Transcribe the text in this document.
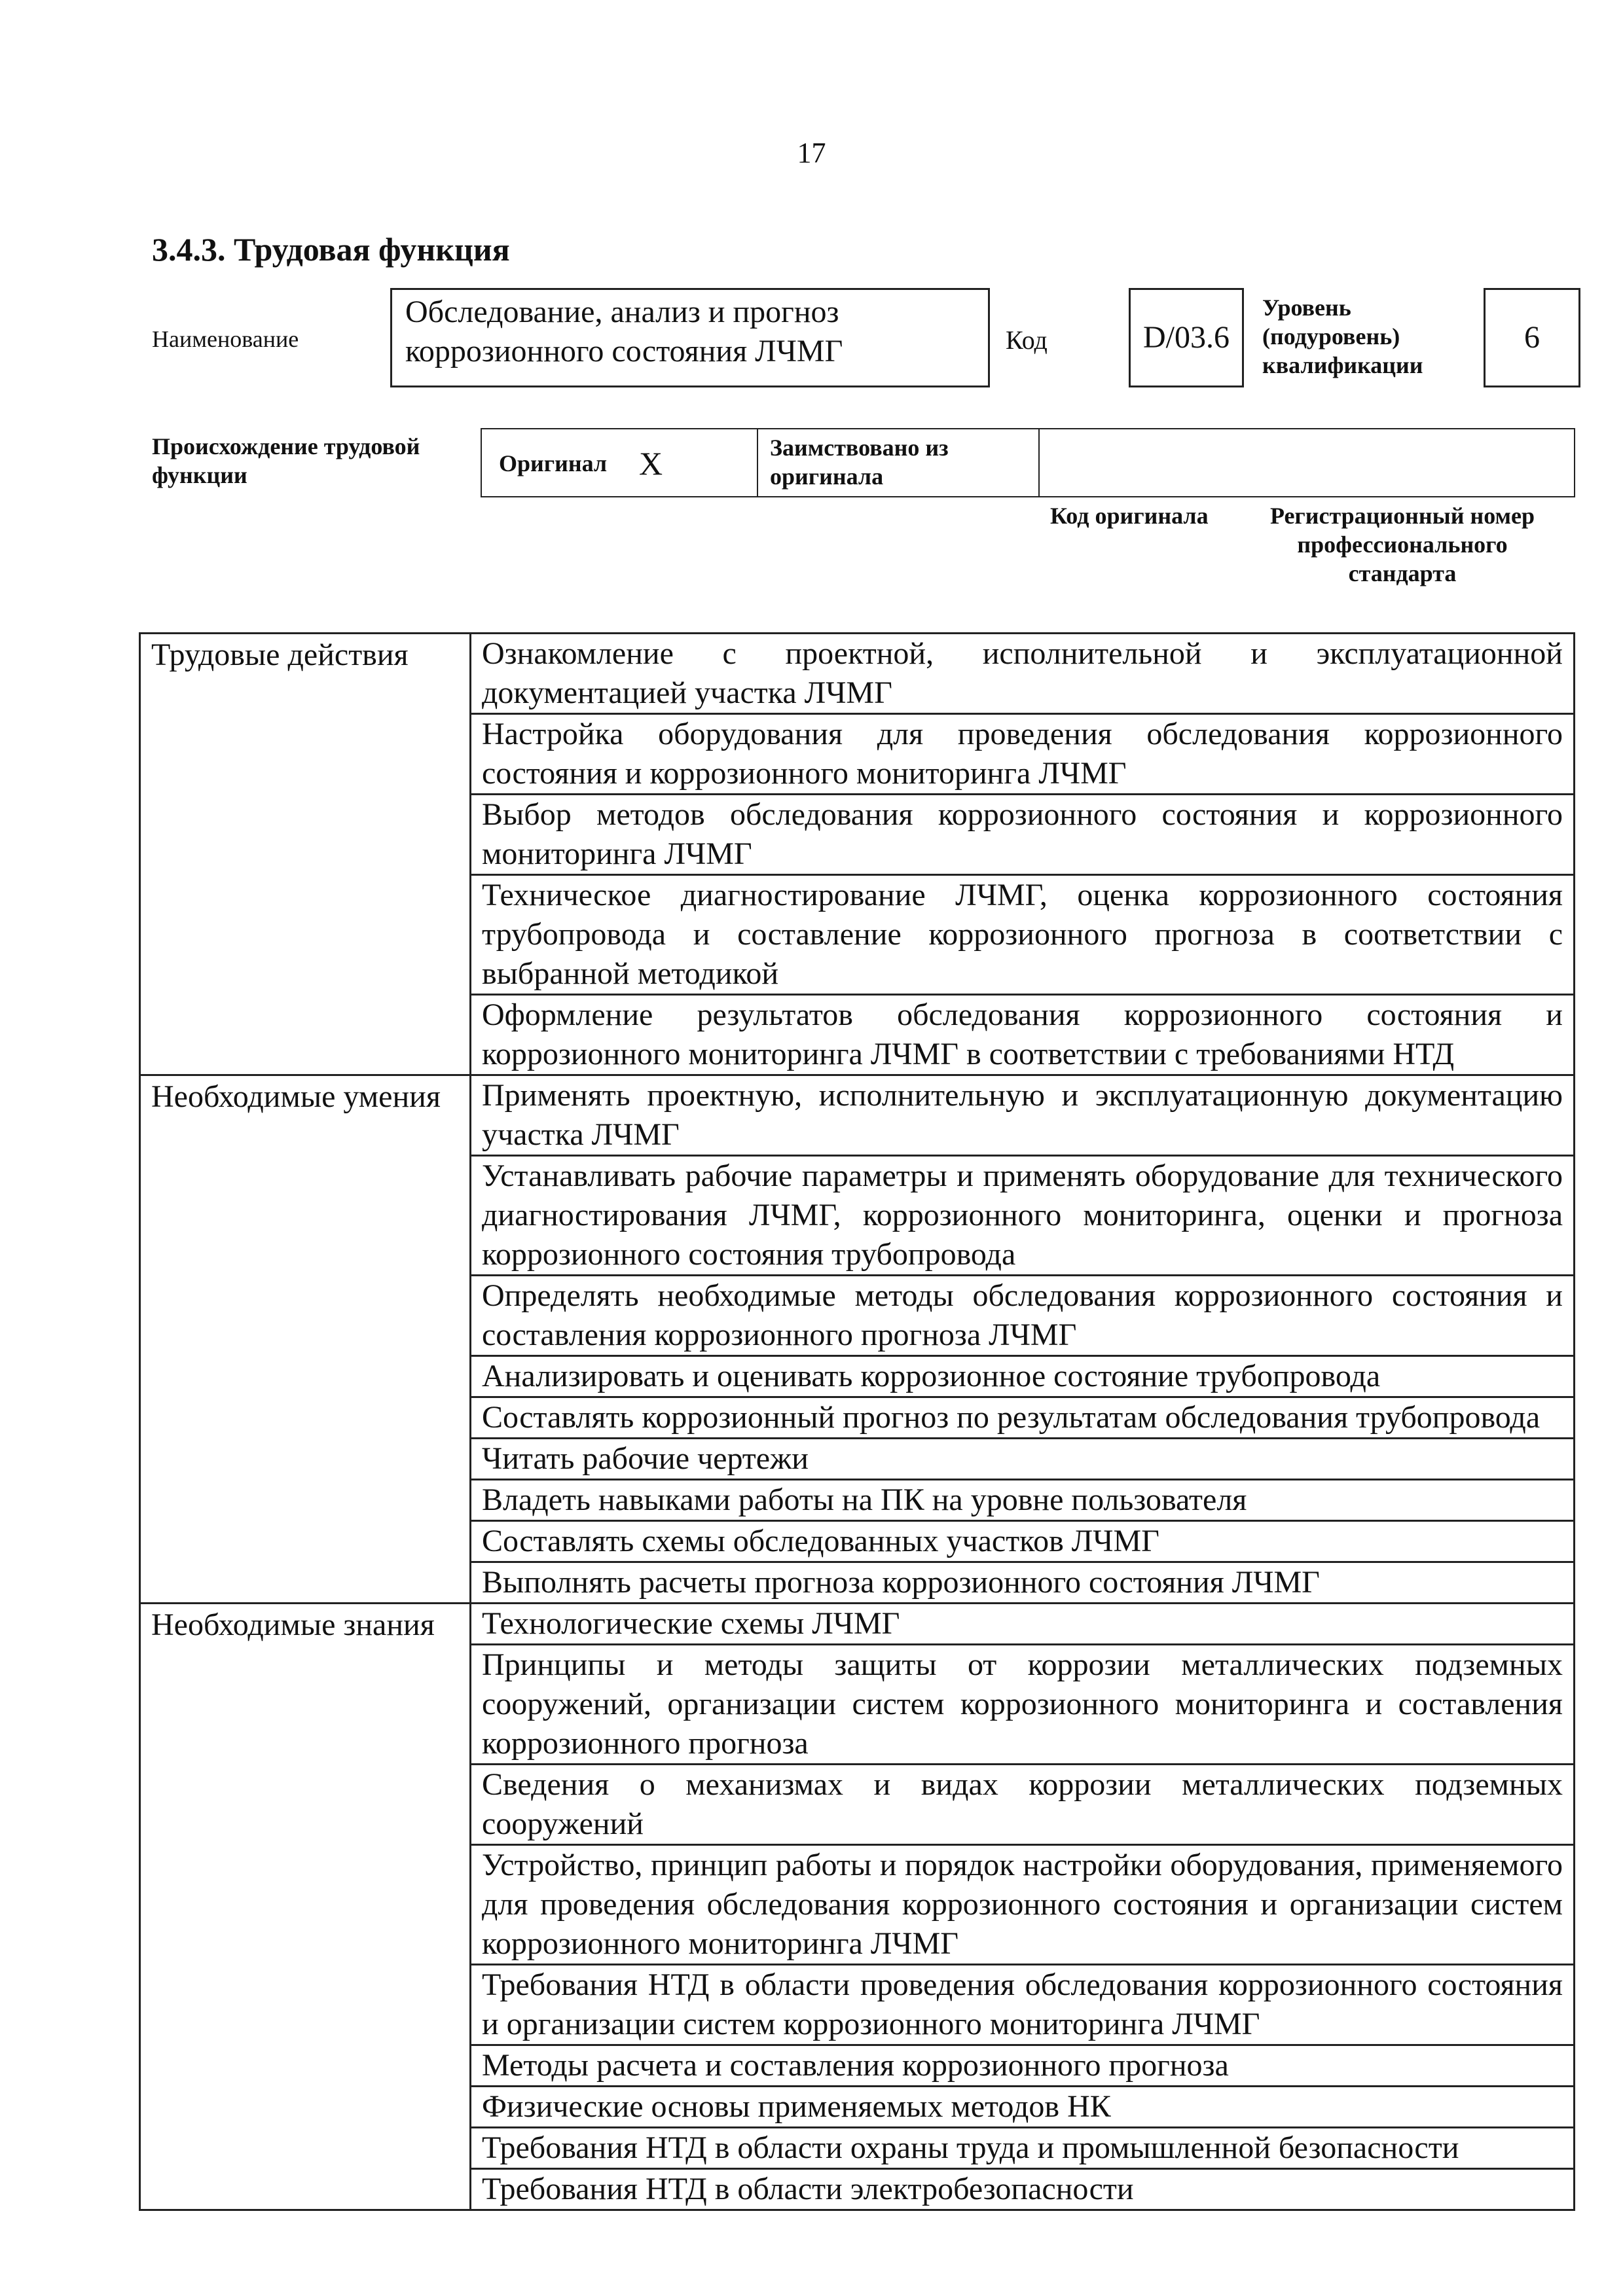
17
3.4.3. Трудовая функция
Наименование
Обследование, анализ и прогноз коррозионного состояния ЛЧМГ	Код	D/03.6
Уровень (подуровень) квалификации
6
Происхождение трудовой функции	Оригинал X	Заимствовано из оригинала
Код оригинала	Регистрационный номер профессионального стандарта
Трудовые действия	Ознакомление с проектной, исполнительной и эксплуатационной документацией участка ЛЧМГ
	Настройка оборудования для проведения обследования коррозионного состояния и коррозионного мониторинга ЛЧМГ
	Выбор методов обследования коррозионного состояния и коррозионного мониторинга ЛЧМГ
	Техническое диагностирование ЛЧМГ, оценка коррозионного состояния трубопровода и составление коррозионного прогноза в соответствии с выбранной методикой
	Оформление результатов обследования коррозионного состояния и коррозионного мониторинга ЛЧМГ в соответствии с требованиями НТД
Необходимые умения	Применять проектную, исполнительную и эксплуатационную документацию участка ЛЧМГ
	Устанавливать рабочие параметры и применять оборудование для технического диагностирования ЛЧМГ, коррозионного мониторинга, оценки и прогноза коррозионного состояния трубопровода
	Определять необходимые методы обследования коррозионного состояния и составления коррозионного прогноза ЛЧМГ
	Анализировать и оценивать коррозионное состояние трубопровода
	Составлять коррозионный прогноз по результатам обследования трубопровода
	Читать рабочие чертежи
	Владеть навыками работы на ПК на уровне пользователя
	Составлять схемы обследованных участков ЛЧМГ
	Выполнять расчеты прогноза коррозионного состояния ЛЧМГ
Необходимые знания	Технологические схемы ЛЧМГ
	Принципы и методы защиты от коррозии металлических подземных сооружений, организации систем коррозионного мониторинга и составления коррозионного прогноза
	Сведения о механизмах и видах коррозии металлических подземных сооружений
	Устройство, принцип работы и порядок настройки оборудования, применяемого для проведения обследования коррозионного состояния и организации систем коррозионного мониторинга ЛЧМГ
	Требования НТД в области проведения обследования коррозионного состояния и организации систем коррозионного мониторинга ЛЧМГ
	Методы расчета и составления коррозионного прогноза
	Физические основы применяемых методов НК
	Требования НТД в области охраны труда и промышленной безопасности
	Требования НТД в области электробезопасности
